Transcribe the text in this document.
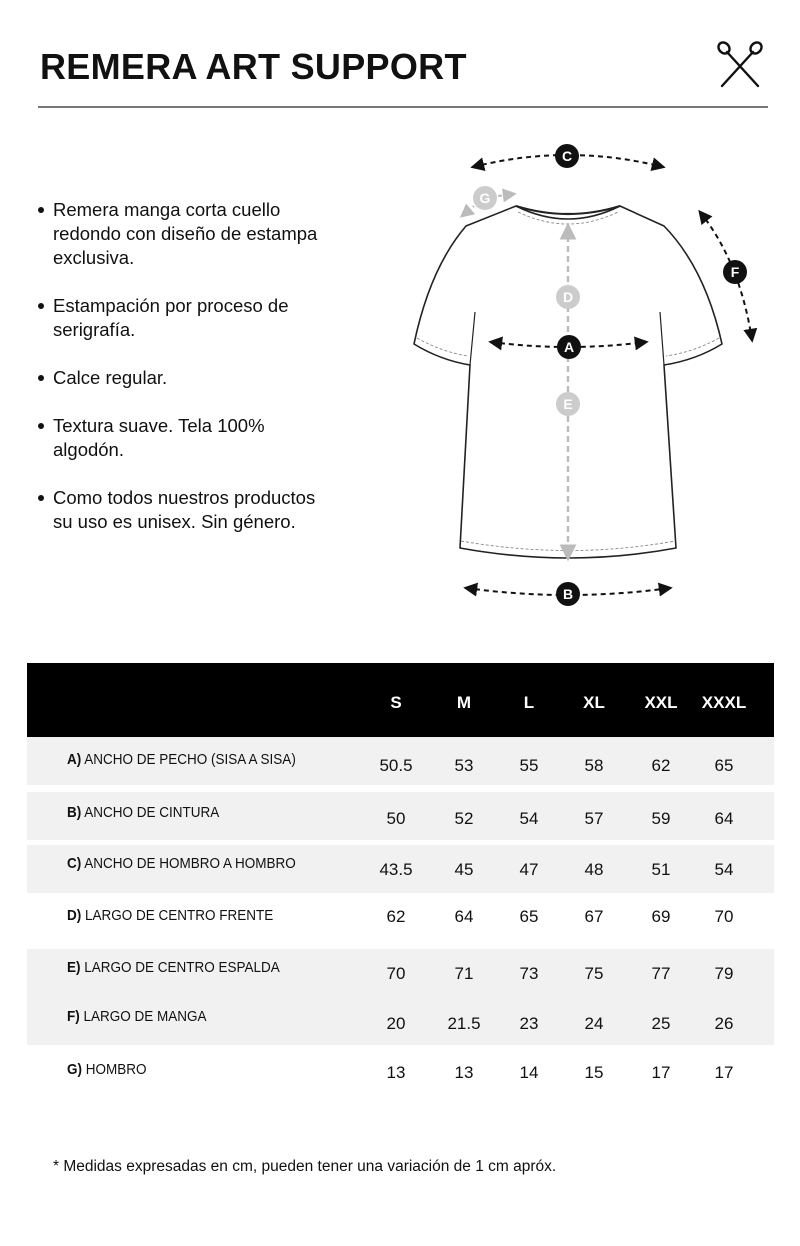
REMERA ART SUPPORT
Remera manga corta cuello redondo con diseño de estampa exclusiva.
Estampación por proceso de serigrafía.
Calce regular.
Textura suave. Tela 100% algodón.
Como todos nuestros productos su uso es unisex. Sin género.
C
G
F
D
A
E
B
S	M	L	XL	XXL	XXXL
A) ANCHO DE PECHO (SISA A SISA)	50.5	53	55	58	62	65
B) ANCHO DE CINTURA	50	52	54	57	59	64
C) ANCHO DE HOMBRO A HOMBRO	43.5	45	47	48	51	54
D) LARGO DE CENTRO FRENTE	62	64	65	67	69	70
E) LARGO DE CENTRO ESPALDA	70	71	73	75	77	79
F) LARGO DE MANGA	20	21.5	23	24	25	26
G) HOMBRO	13	13	14	15	17	17

* Medidas expresadas en cm, pueden tener una variación de 1 cm apróx.
